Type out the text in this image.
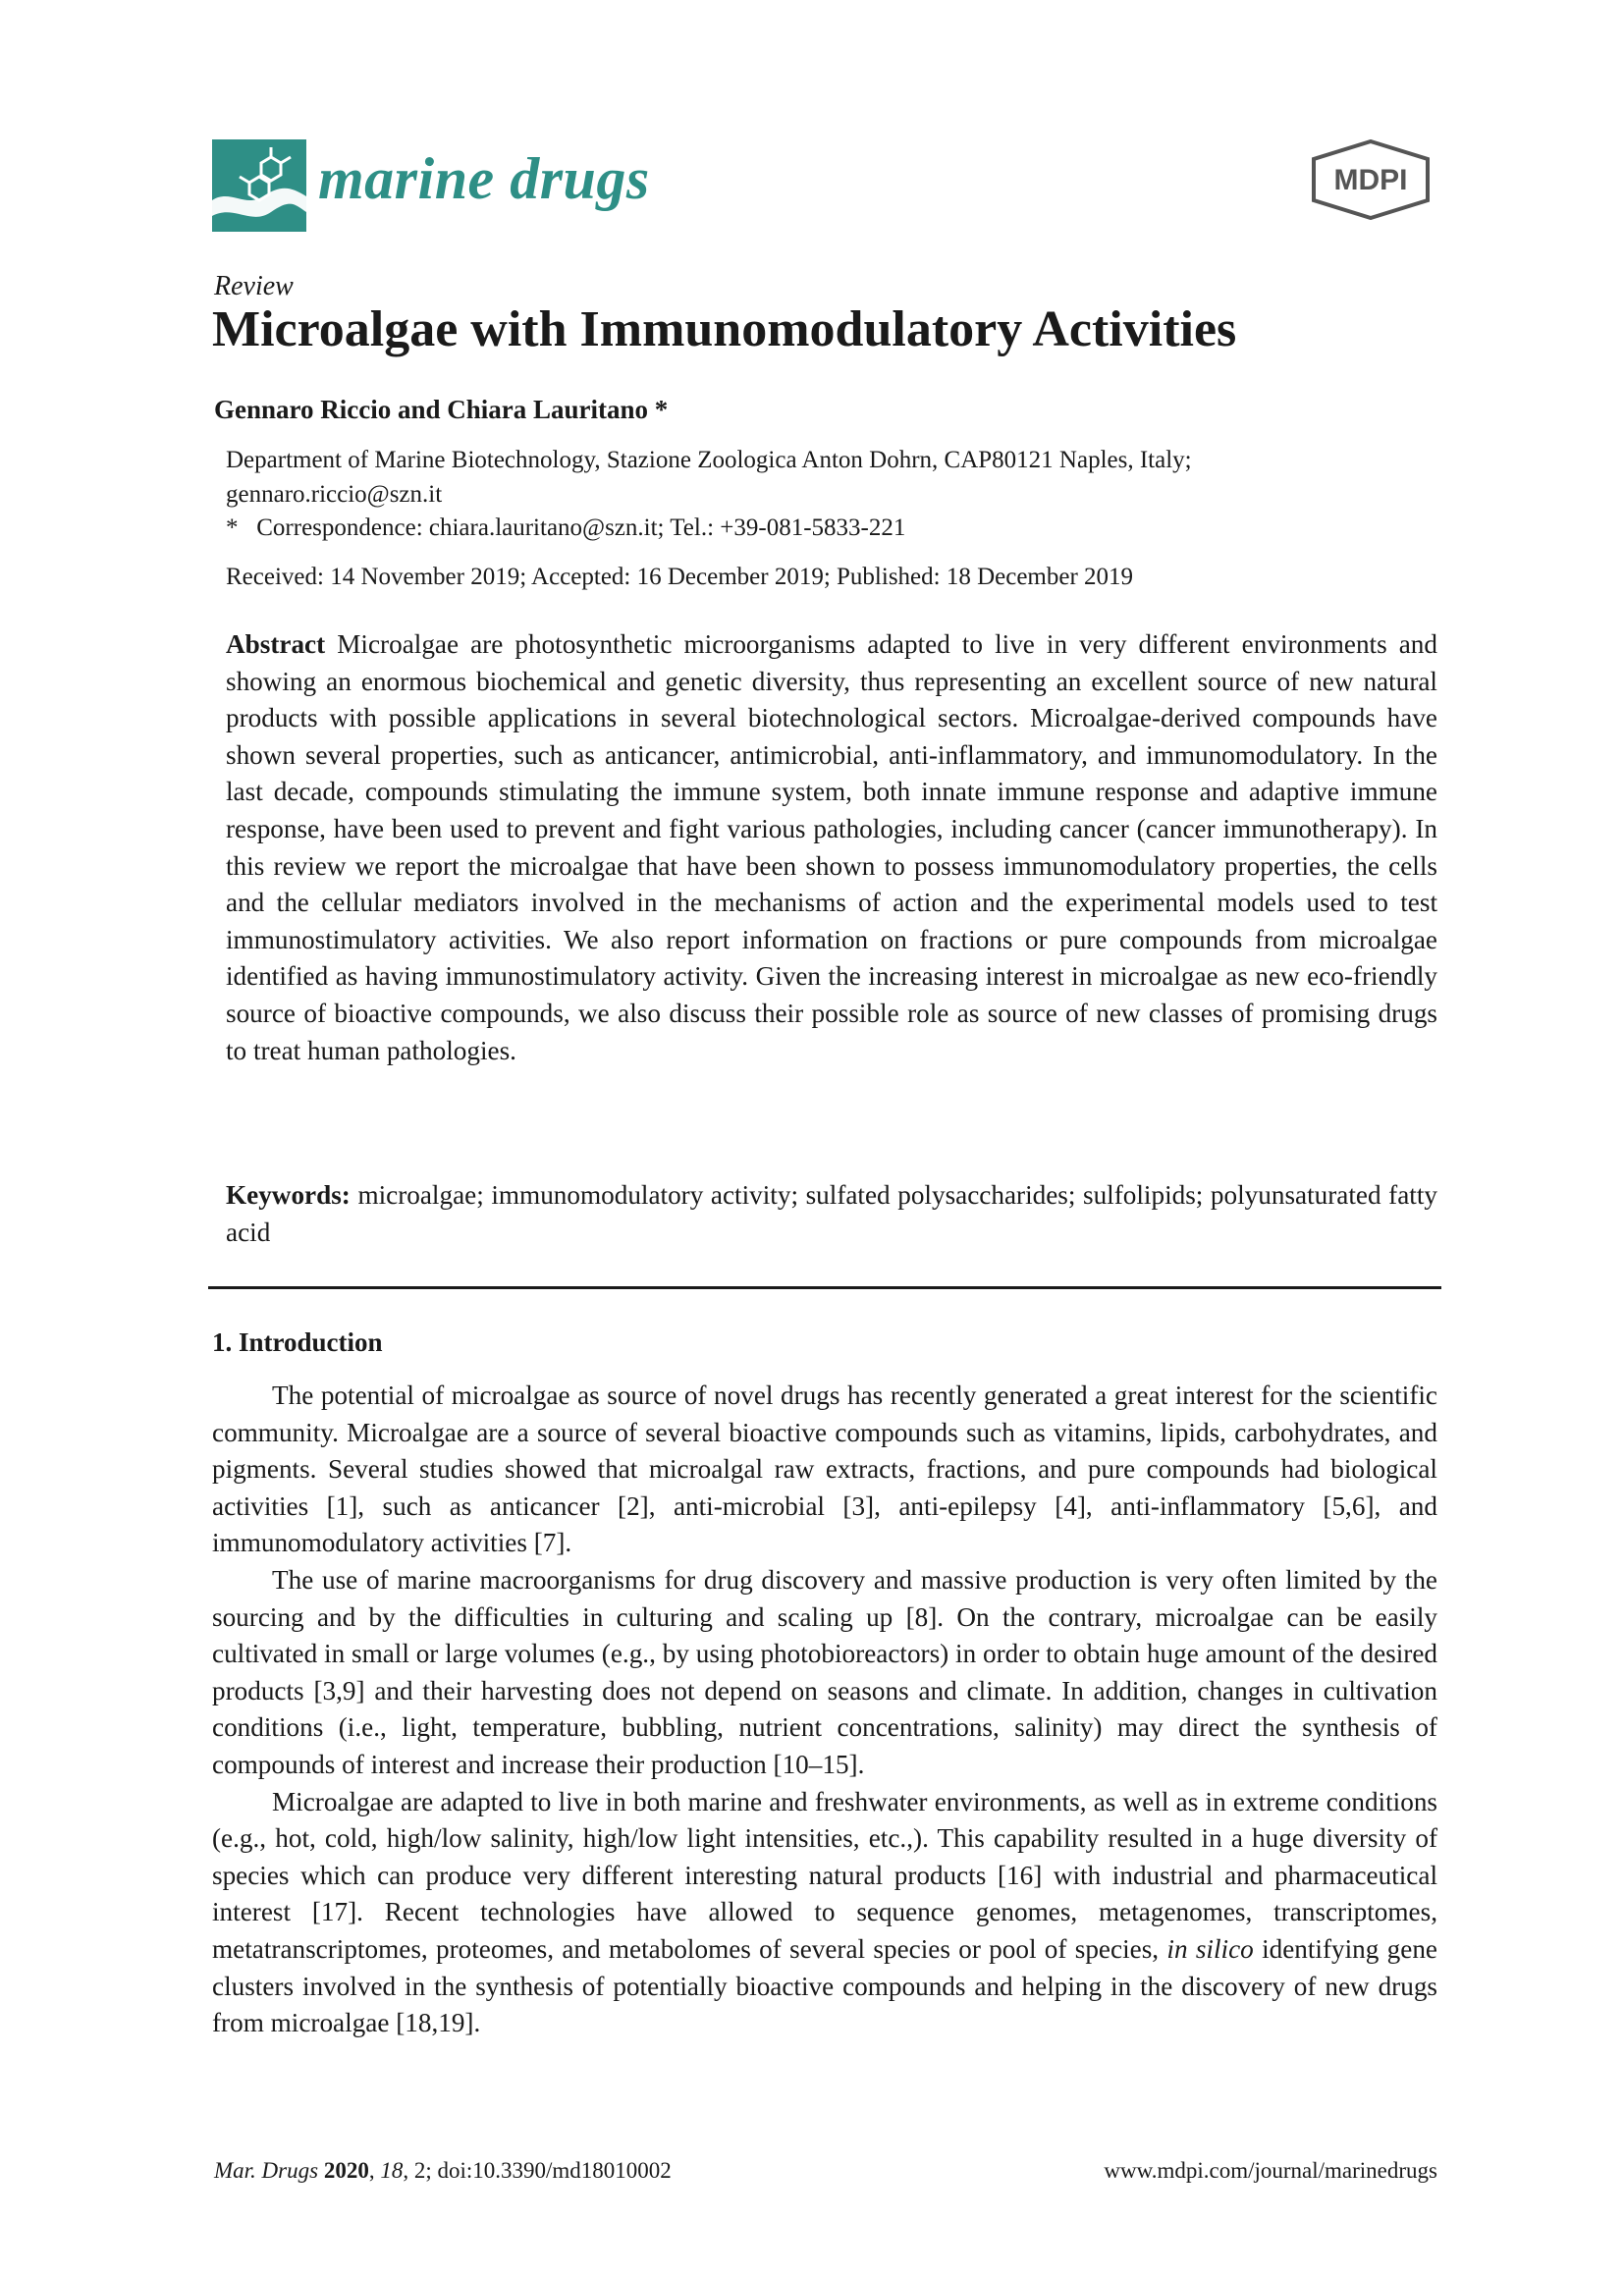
marine drugs	MDPI
Review
Microalgae with Immunomodulatory Activities
Gennaro Riccio and Chiara Lauritano *
Department of Marine Biotechnology, Stazione Zoologica Anton Dohrn, CAP80121 Naples, Italy;
gennaro.riccio@szn.it
*   Correspondence: chiara.lauritano@szn.it; Tel.: +39-081-5833-221
Received: 14 November 2019; Accepted: 16 December 2019; Published: 18 December 2019
Abstract Microalgae are photosynthetic microorganisms adapted to live in very different environments and showing an enormous biochemical and genetic diversity, thus representing an excellent source of new natural products with possible applications in several biotechnological sectors. Microalgae-derived compounds have shown several properties, such as anticancer, antimicrobial, anti-inflammatory, and immunomodulatory. In the last decade, compounds stimulating the immune system, both innate immune response and adaptive immune response, have been used to prevent and fight various pathologies, including cancer (cancer immunotherapy). In this review we report the microalgae that have been shown to possess immunomodulatory properties, the cells and the cellular mediators involved in the mechanisms of action and the experimental models used to test immunostimulatory activities. We also report information on fractions or pure compounds from microalgae identified as having immunostimulatory activity. Given the increasing interest in microalgae as new eco-friendly source of bioactive compounds, we also discuss their possible role as source of new classes of promising drugs to treat human pathologies.
Keywords: microalgae; immunomodulatory activity; sulfated polysaccharides; sulfolipids; polyunsaturated fatty acid
1. Introduction

The potential of microalgae as source of novel drugs has recently generated a great interest for the scientific community. Microalgae are a source of several bioactive compounds such as vitamins, lipids, carbohydrates, and pigments. Several studies showed that microalgal raw extracts, fractions, and pure compounds had biological activities [1], such as anticancer [2], anti-microbial [3], anti-epilepsy [4], anti-inflammatory [5,6], and immunomodulatory activities [7].

The use of marine macroorganisms for drug discovery and massive production is very often limited by the sourcing and by the difficulties in culturing and scaling up [8]. On the contrary, microalgae can be easily cultivated in small or large volumes (e.g., by using photobioreactors) in order to obtain huge amount of the desired products [3,9] and their harvesting does not depend on seasons and climate. In addition, changes in cultivation conditions (i.e., light, temperature, bubbling, nutrient concentrations, salinity) may direct the synthesis of compounds of interest and increase their production [10–15].

Microalgae are adapted to live in both marine and freshwater environments, as well as in extreme conditions (e.g., hot, cold, high/low salinity, high/low light intensities, etc.,). This capability resulted in a huge diversity of species which can produce very different interesting natural products [16] with industrial and pharmaceutical interest [17]. Recent technologies have allowed to sequence genomes, metagenomes, transcriptomes, metatranscriptomes, proteomes, and metabolomes of several species or pool of species, in silico identifying gene clusters involved in the synthesis of potentially bioactive compounds and helping in the discovery of new drugs from microalgae [18,19].

Mar. Drugs 2020, 18, 2; doi:10.3390/md18010002	www.mdpi.com/journal/marinedrugs
